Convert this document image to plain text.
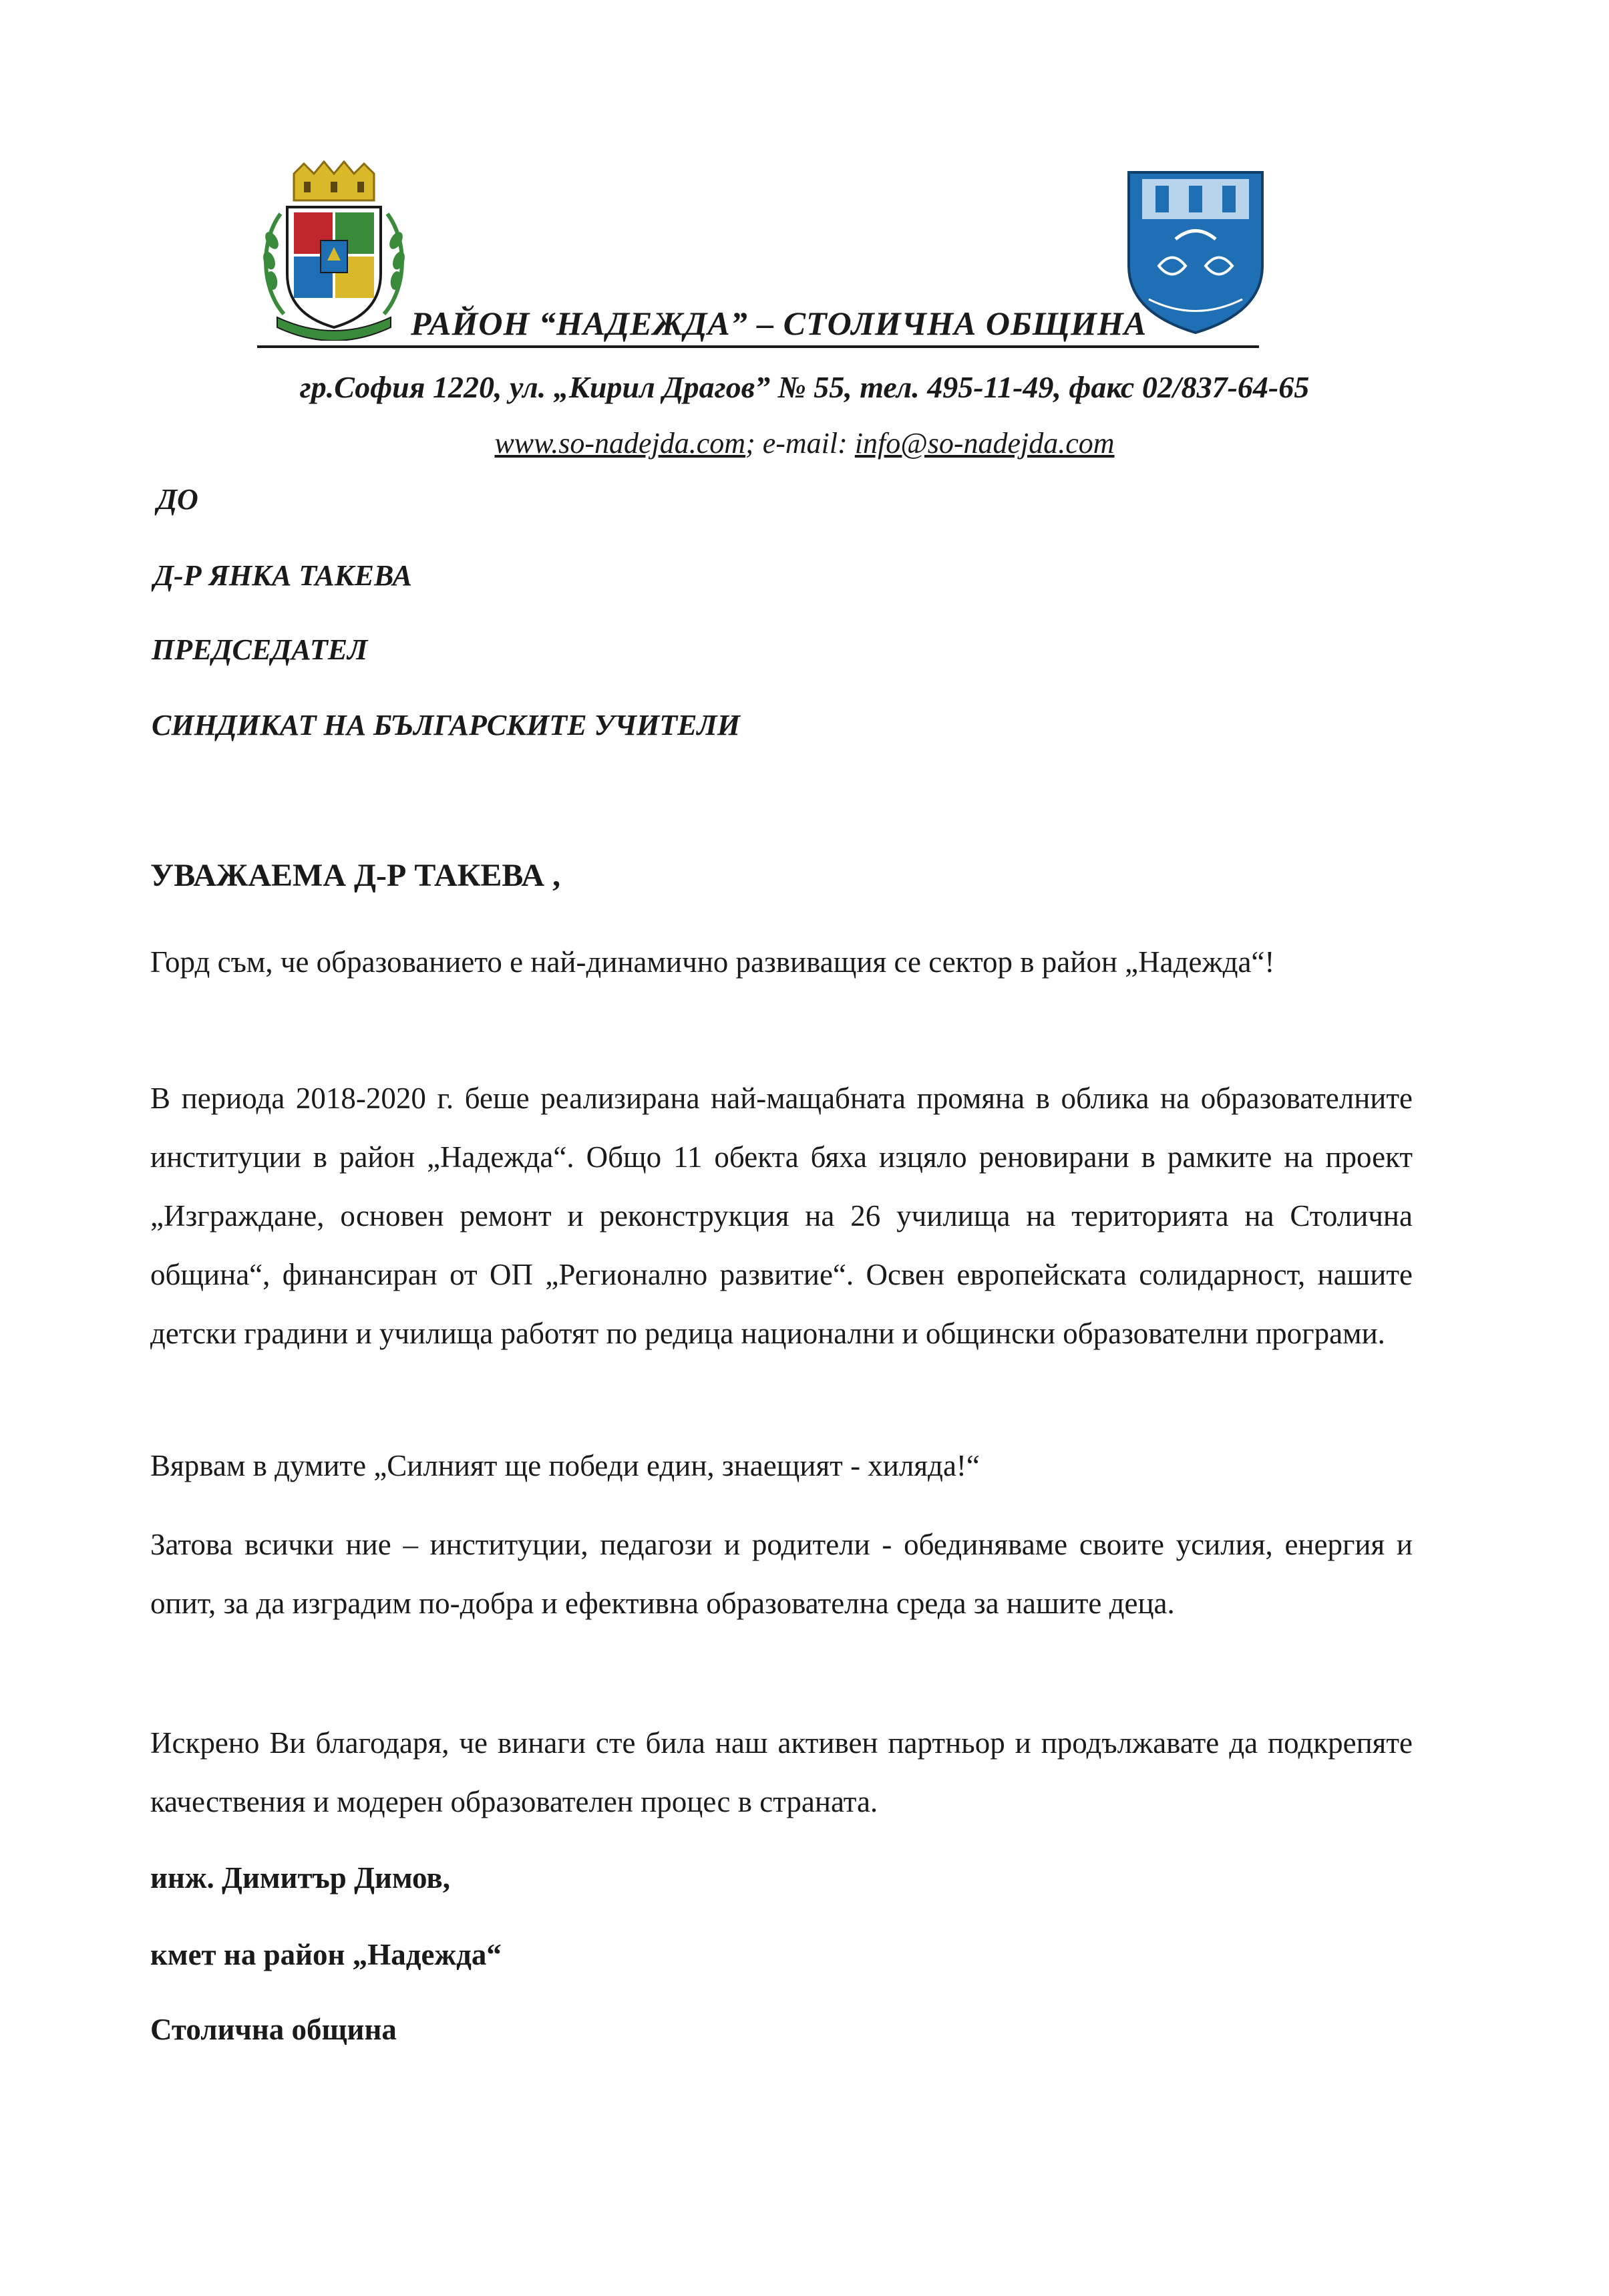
РАЙОН “НАДЕЖДА” – СТОЛИЧНА ОБЩИНА
гр.София 1220, ул. „Кирил Драгов” № 55, тел. 495-11-49, факс 02/837-64-65
www.so-nadejda.com; e-mail: info@so-nadejda.com
ДО
Д-Р ЯНКА ТАКЕВА
ПРЕДСЕДАТЕЛ
СИНДИКАТ НА БЪЛГАРСКИТЕ УЧИТЕЛИ
УВАЖАЕМА Д-Р ТАКЕВА ,
Горд съм, че образованието е най-динамично развиващия се сектор в район „Надежда“!
В периода 2018-2020 г. беше реализирана най-мащабната промяна в облика на образователните институции в район „Надежда“. Общо 11 обекта бяха изцяло реновирани в рамките на проект „Изграждане, основен ремонт и реконструкция на 26 училища на територията на Столична община“, финансиран от ОП „Регионално развитие“. Освен европейската солидарност, нашите детски градини и училища работят по редица национални и общински образователни програми.
Вярвам в думите „Силният ще победи един, знаещият - хиляда!“
Затова всички ние – институции, педагози и родители - обединяваме своите усилия, енергия и опит, за да изградим по-добра и ефективна образователна среда за нашите деца.
Искрено Ви благодаря, че винаги сте била наш активен партньор и продължавате да подкрепяте качествения и модерен образователен процес в страната.
инж. Димитър Димов,
кмет на район „Надежда“
Столична община
